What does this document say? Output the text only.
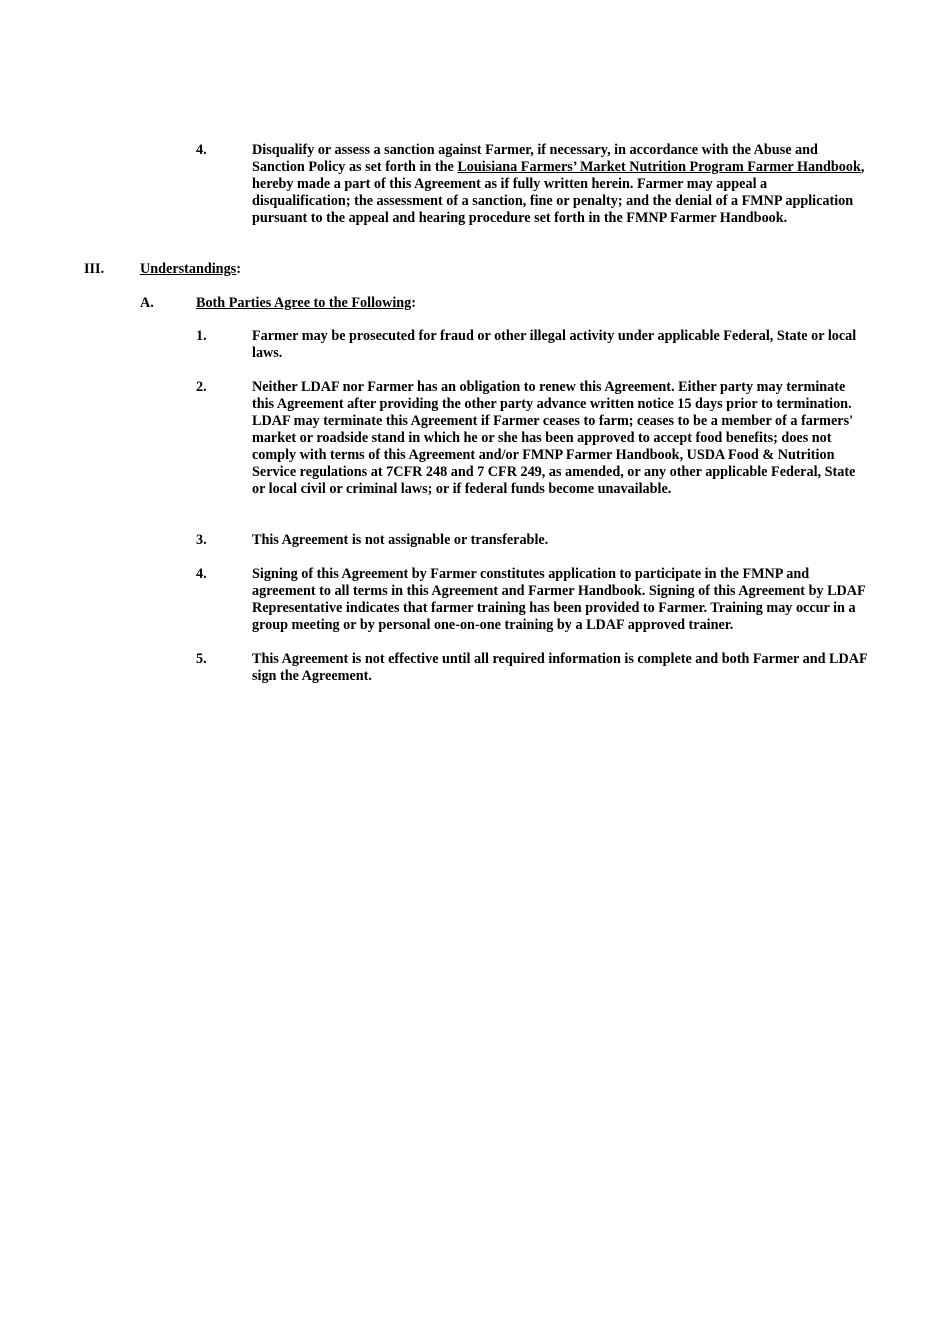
4.	Disqualify or assess a sanction against Farmer, if necessary, in accordance with the Abuse and Sanction Policy as set forth in the Louisiana Farmers’ Market Nutrition Program Farmer Handbook, hereby made a part of this Agreement as if fully written herein. Farmer may appeal a disqualification; the assessment of a sanction, fine or penalty; and the denial of a FMNP application pursuant to the appeal and hearing procedure set forth in the FMNP Farmer Handbook.
III.	Understandings:
A.	Both Parties Agree to the Following:
1.	Farmer may be prosecuted for fraud or other illegal activity under applicable Federal, State or local laws.
2.	Neither LDAF nor Farmer has an obligation to renew this Agreement. Either party may terminate this Agreement after providing the other party advance written notice 15 days prior to termination. LDAF may terminate this Agreement if Farmer ceases to farm; ceases to be a member of a farmers' market or roadside stand in which he or she has been approved to accept food benefits; does not comply with terms of this Agreement and/or FMNP Farmer Handbook, USDA Food & Nutrition Service regulations at 7CFR 248 and 7 CFR 249, as amended, or any other applicable Federal, State or local civil or criminal laws; or if federal funds become unavailable.
3.	This Agreement is not assignable or transferable.
4.	Signing of this Agreement by Farmer constitutes application to participate in the FMNP and agreement to all terms in this Agreement and Farmer Handbook. Signing of this Agreement by LDAF Representative indicates that farmer training has been provided to Farmer. Training may occur in a group meeting or by personal one-on-one training by a LDAF approved trainer.
5.	This Agreement is not effective until all required information is complete and both Farmer and LDAF sign the Agreement.
